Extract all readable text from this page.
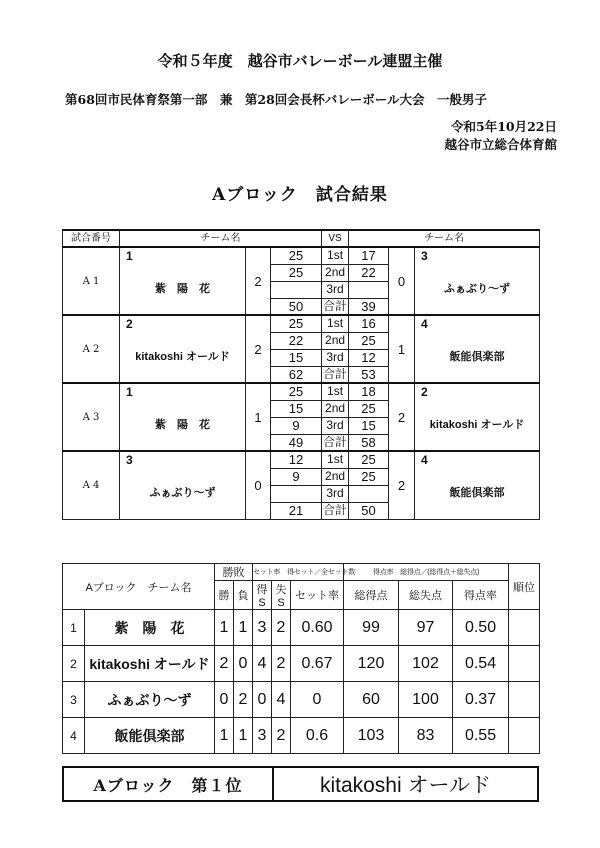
令和５年度　越谷市バレーボール連盟主催
第68回市民体育祭第一部　兼　第28回会長杯バレーボール大会　一般男子
令和5年10月22日
越谷市立総合体育館
Aブロック　試合結果
試合番号	チーム名			VS	チーム名		
A 1	1	2	25	1st	17	0	3
	紫　陽　花		25	2nd	22		ふぁぶり～ず
				3rd			
			50	合計	39		
A 2	2	2	25	1st	16	1	4
	kitakoshi オールド		22	2nd	25		飯能倶楽部
			15	3rd	12		
			62	合計	53		
A 3	1	1	25	1st	18	2	2
	紫　陽　花		15	2nd	25		kitakoshi オールド
			9	3rd	15		
			49	合計	58		
A 4	3	0	12	1st	25	2	4
	ふぁぶり～ず		9	2nd	25		飯能倶楽部
				3rd			
			21	合計	50		
Aブロック　チーム名		勝敗		セット率　得セット／全セット数			得点率　総得点／(総得点＋総失点)			順位
		勝	負	得S	失S	セット率	総得点	総失点	得点率	
1	紫　陽　花	1	1	3	2	0.60	99	97	0.50	
2	kitakoshi オールド	2	0	4	2	0.67	120	102	0.54	
3	ふぁぶり～ず	0	2	0	4	0	60	100	0.37	
4	飯能倶楽部	1	1	3	2	0.6	103	83	0.55	
Aブロック　第１位	kitakoshi オールド
